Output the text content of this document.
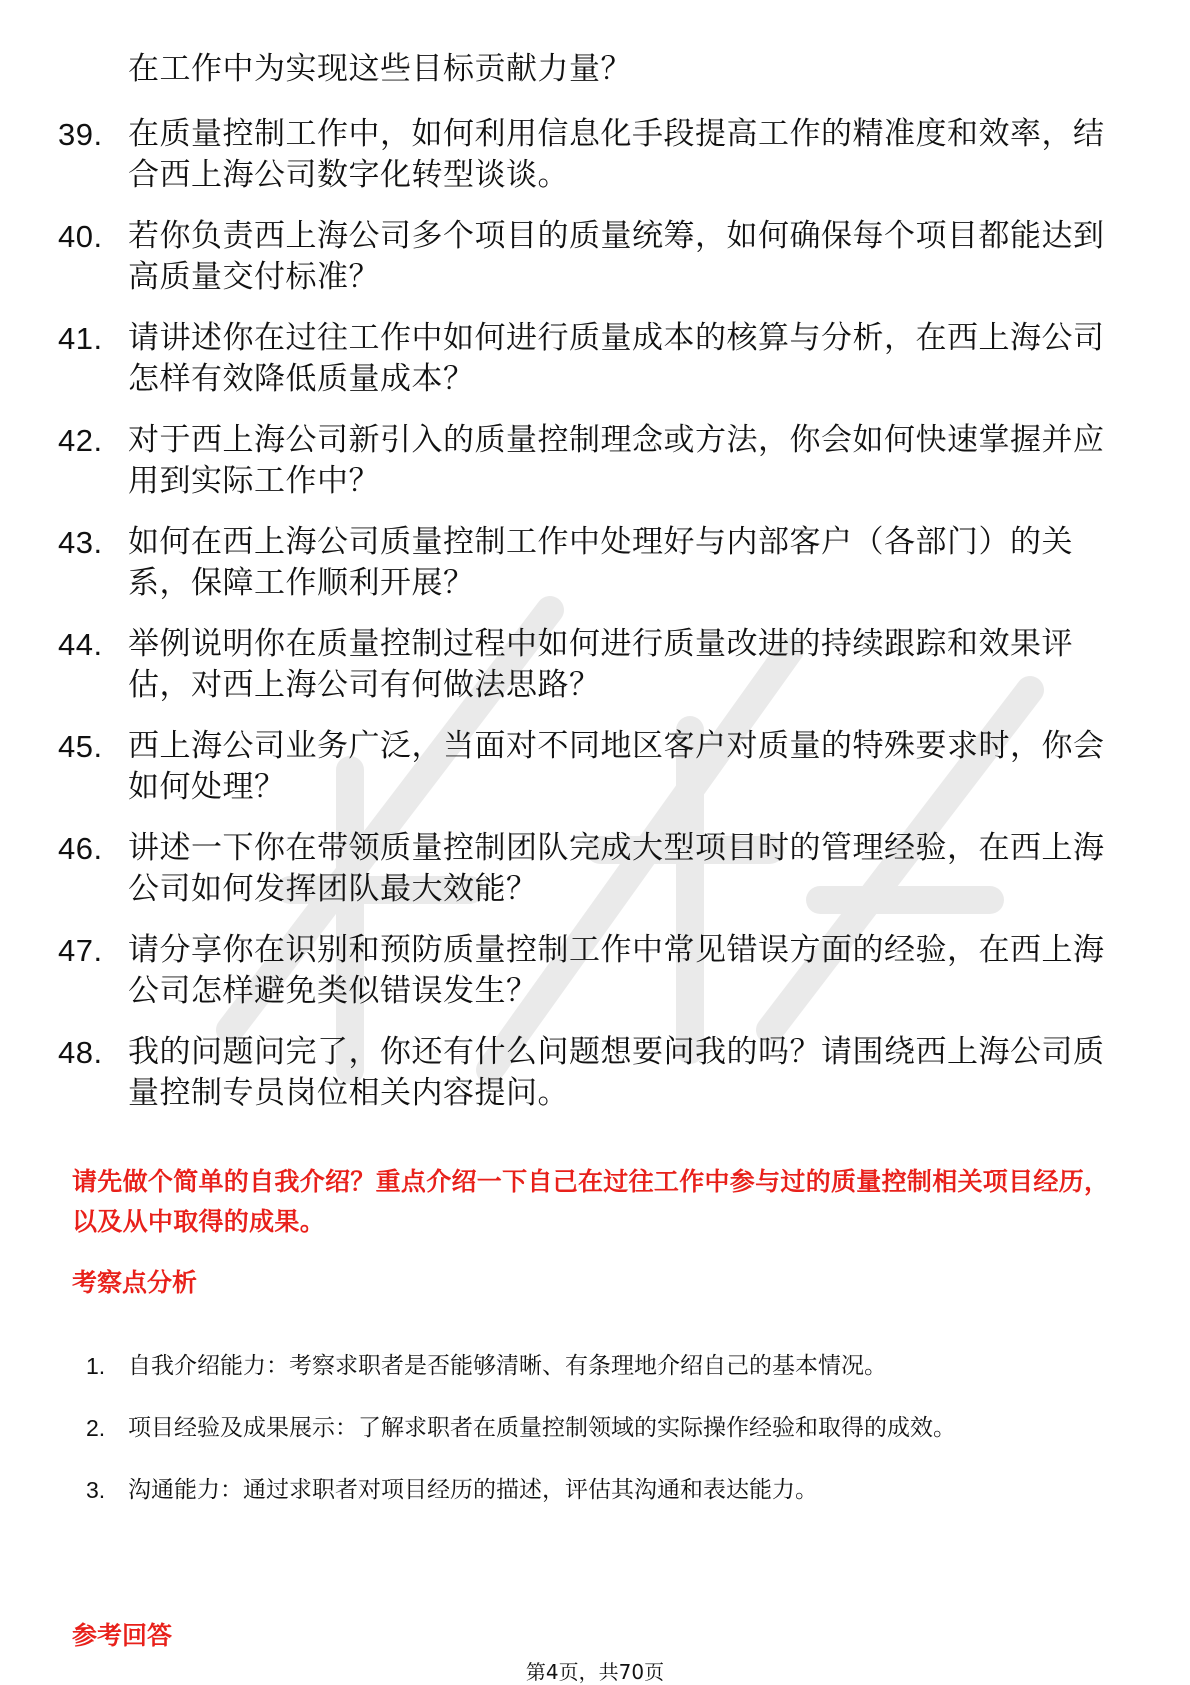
在工作中为实现这些目标贡献力量？
39. 在质量控制工作中，如何利用信息化手段提高工作的精准度和效率，结合西上海公司数字化转型谈谈。
40. 若你负责西上海公司多个项目的质量统筹，如何确保每个项目都能达到高质量交付标准？
41. 请讲述你在过往工作中如何进行质量成本的核算与分析，在西上海公司怎样有效降低质量成本？
42. 对于西上海公司新引入的质量控制理念或方法，你会如何快速掌握并应用到实际工作中？
43. 如何在西上海公司质量控制工作中处理好与内部客户（各部门）的关系，保障工作顺利开展？
44. 举例说明你在质量控制过程中如何进行质量改进的持续跟踪和效果评估，对西上海公司有何做法思路？
45. 西上海公司业务广泛，当面对不同地区客户对质量的特殊要求时，你会如何处理？
46. 讲述一下你在带领质量控制团队完成大型项目时的管理经验，在西上海公司如何发挥团队最大效能？
47. 请分享你在识别和预防质量控制工作中常见错误方面的经验，在西上海公司怎样避免类似错误发生？
48. 我的问题问完了，你还有什么问题想要问我的吗？请围绕西上海公司质量控制专员岗位相关内容提问。
请先做个简单的自我介绍？重点介绍一下自己在过往工作中参与过的质量控制相关项目经历，以及从中取得的成果。
考察点分析
1. 自我介绍能力：考察求职者是否能够清晰、有条理地介绍自己的基本情况。
2. 项目经验及成果展示：了解求职者在质量控制领域的实际操作经验和取得的成效。
3. 沟通能力：通过求职者对项目经历的描述，评估其沟通和表达能力。
参考回答
第4页，共70页
